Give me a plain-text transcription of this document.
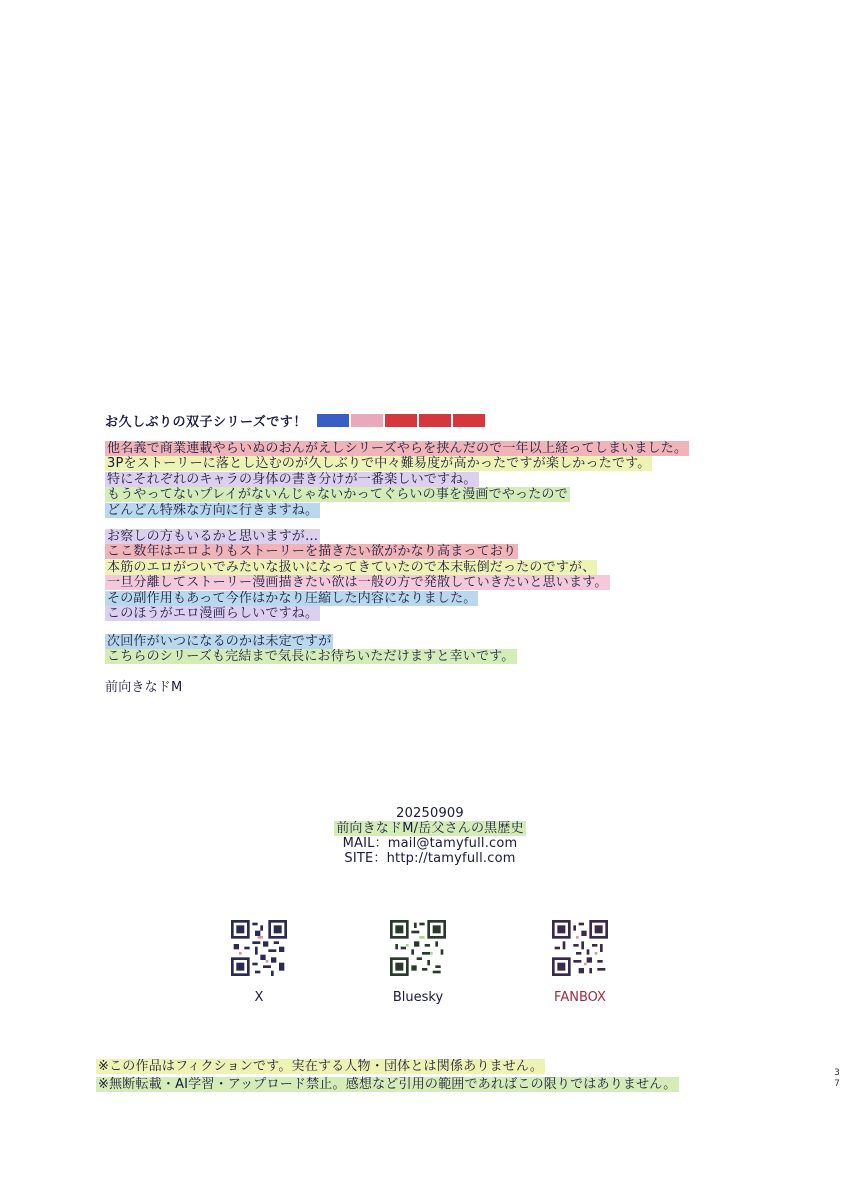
お久しぶりの双子シリーズです！
他名義で商業連載やらいぬのおんがえしシリーズやらを挟んだので一年以上経ってしまいました。
3Pをストーリーに落とし込むのが久しぶりで中々難易度が高かったですが楽しかったです。
特にそれぞれのキャラの身体の書き分けが一番楽しいですね。
もうやってないプレイがないんじゃないかってぐらいの事を漫画でやったので
どんどん特殊な方向に行きますね。
お察しの方もいるかと思いますが…
ここ数年はエロよりもストーリーを描きたい欲がかなり高まっており
本筋のエロがついでみたいな扱いになってきていたので本末転倒だったのですが、
一旦分離してストーリー漫画描きたい欲は一般の方で発散していきたいと思います。
その副作用もあって今作はかなり圧縮した内容になりました。
このほうがエロ漫画らしいですね。
次回作がいつになるのかは未定ですが
こちらのシリーズも完結まで気長にお待ちいただけますと幸いです。
前向きなドM
20250909
前向きなドM/岳父さんの黒歴史
MAIL：mail@tamyfull.com
SITE：http://tamyfull.com
X	Bluesky	FANBOX
※この作品はフィクションです。実在する人物・団体とは関係ありません。
※無断転載・AI学習・アップロード禁止。感想など引用の範囲であればこの限りではありません。
3
7
